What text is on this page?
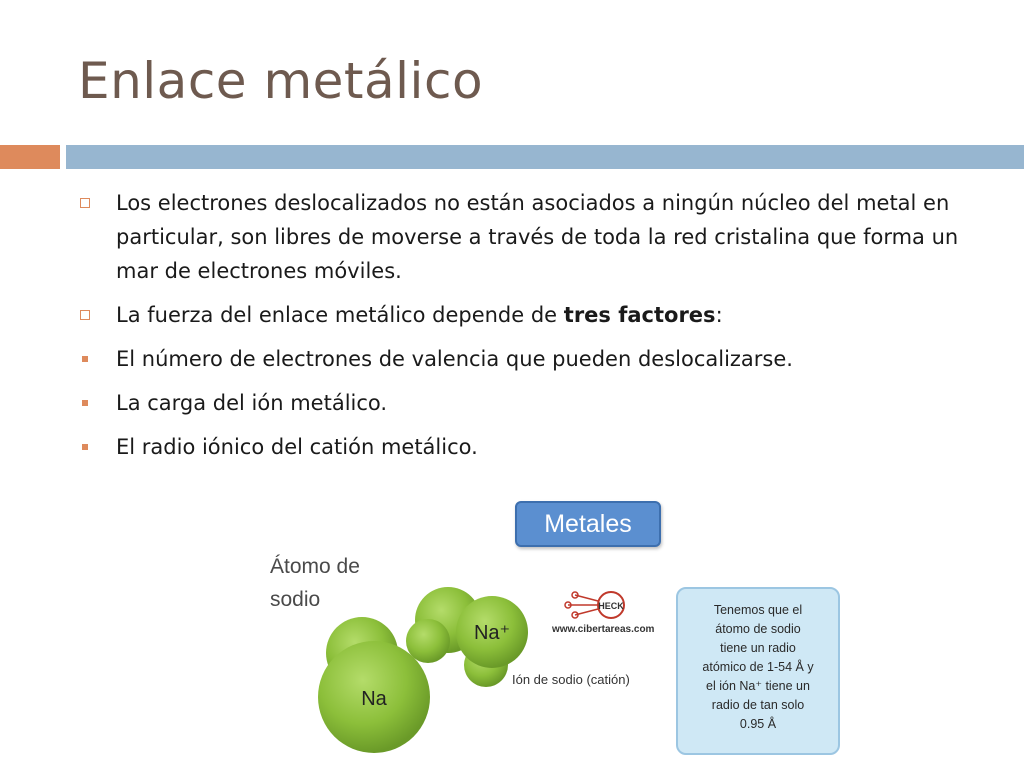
Enlace metálico
Los electrones deslocalizados no están asociados a ningún núcleo del metal en particular, son libres de moverse a través de toda la red cristalina que forma un mar de electrones móviles.
La fuerza del enlace metálico depende de tres factores:
El número de electrones de valencia que pueden deslocalizarse.
La carga del ión metálico.
El radio iónico del catión metálico.
Metales
Átomo de
sodio
Na
Na⁺
HECK
www.cibertareas.com
Ión de sodio (catión)
Tenemos que el
átomo de sodio
tiene un radio
atómico de 1-54 Å y
el ión Na⁺ tiene un
radio de tan solo
0.95 Å
